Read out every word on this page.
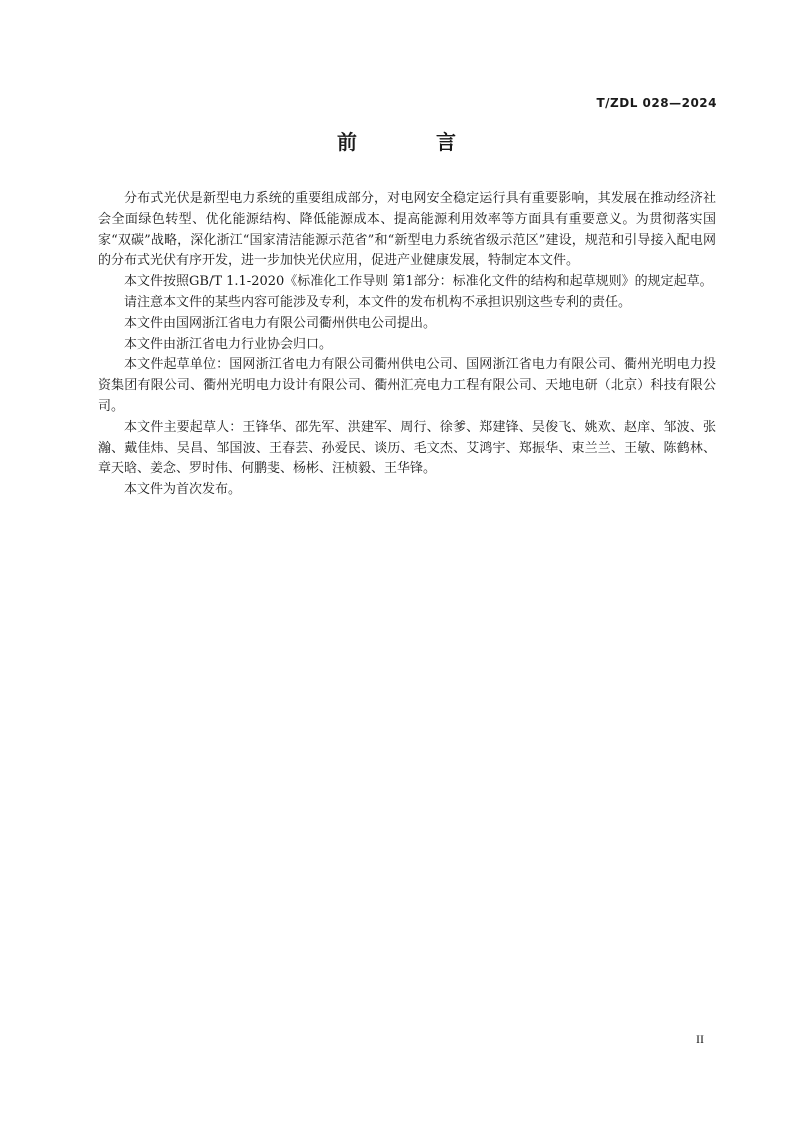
T/ZDL 028—2024
前 言

分布式光伏是新型电力系统的重要组成部分，对电网安全稳定运行具有重要影响，其发展在推动经济社会全面绿色转型、优化能源结构、降低能源成本、提高能源利用效率等方面具有重要意义。为贯彻落实国家“双碳”战略，深化浙江“国家清洁能源示范省”和“新型电力系统省级示范区”建设，规范和引导接入配电网的分布式光伏有序开发，进一步加快光伏应用，促进产业健康发展，特制定本文件。

本文件按照GB/T 1.1-2020《标准化工作导则 第1部分：标准化文件的结构和起草规则》的规定起草。

请注意本文件的某些内容可能涉及专利，本文件的发布机构不承担识别这些专利的责任。

本文件由国网浙江省电力有限公司衢州供电公司提出。

本文件由浙江省电力行业协会归口。

本文件起草单位：国网浙江省电力有限公司衢州供电公司、国网浙江省电力有限公司、衢州光明电力投资集团有限公司、衢州光明电力设计有限公司、衢州汇亮电力工程有限公司、天地电研（北京）科技有限公司。

本文件主要起草人：王锋华、邵先军、洪建军、周行、徐爹、郑建锋、吴俊飞、姚欢、赵庠、邹波、张瀚、戴佳炜、吴昌、邹国波、王春芸、孙爱民、谈历、毛文杰、艾鸿宇、郑振华、束兰兰、王敏、陈鹤林、章天晗、姜念、罗时伟、何鹏斐、杨彬、汪桢毅、王华锋。

本文件为首次发布。

II
